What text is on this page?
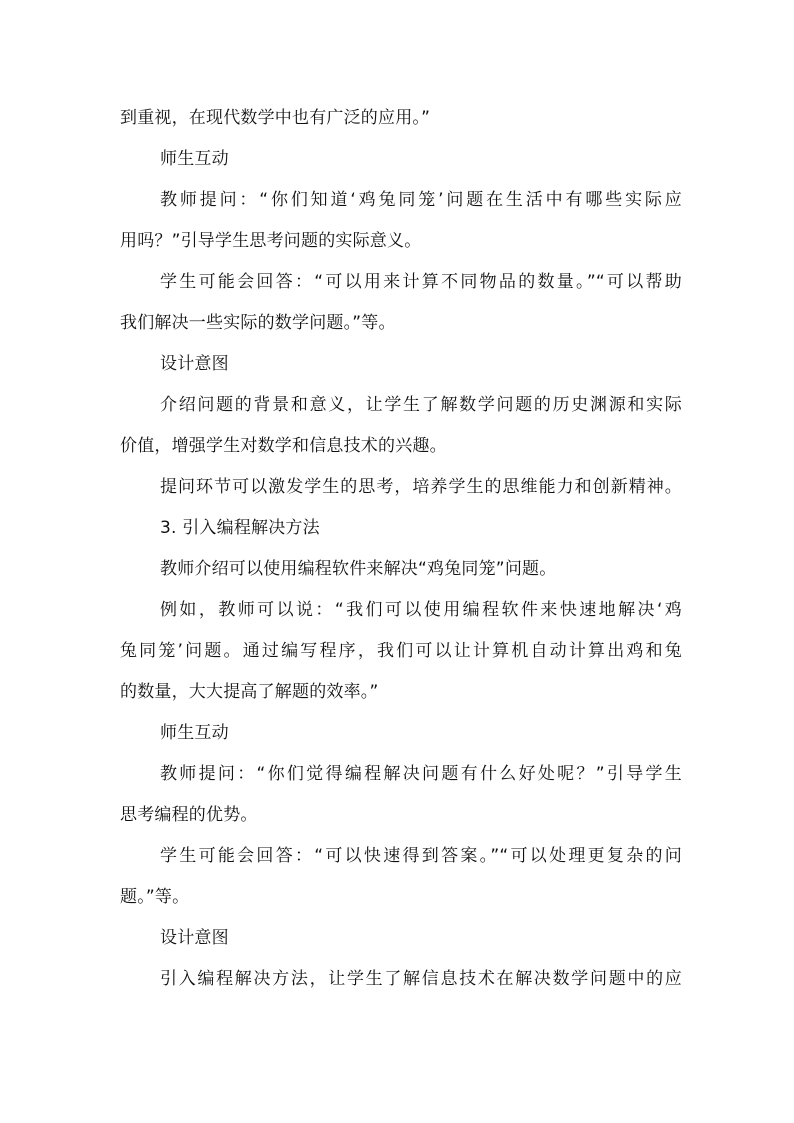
到重视，在现代数学中也有广泛的应用。”
师生互动
教师提问：“你们知道‘鸡兔同笼’问题在生活中有哪些实际应
用吗？”引导学生思考问题的实际意义。
学生可能会回答：“可以用来计算不同物品的数量。”“可以帮助
我们解决一些实际的数学问题。”等。
设计意图
介绍问题的背景和意义，让学生了解数学问题的历史渊源和实际
价值，增强学生对数学和信息技术的兴趣。
提问环节可以激发学生的思考，培养学生的思维能力和创新精神。
3. 引入编程解决方法
教师介绍可以使用编程软件来解决“鸡兔同笼”问题。
例如，教师可以说：“我们可以使用编程软件来快速地解决‘鸡
兔同笼’问题。通过编写程序，我们可以让计算机自动计算出鸡和兔
的数量，大大提高了解题的效率。”
师生互动
教师提问：“你们觉得编程解决问题有什么好处呢？”引导学生
思考编程的优势。
学生可能会回答：“可以快速得到答案。”“可以处理更复杂的问
题。”等。
设计意图
引入编程解决方法，让学生了解信息技术在解决数学问题中的应
